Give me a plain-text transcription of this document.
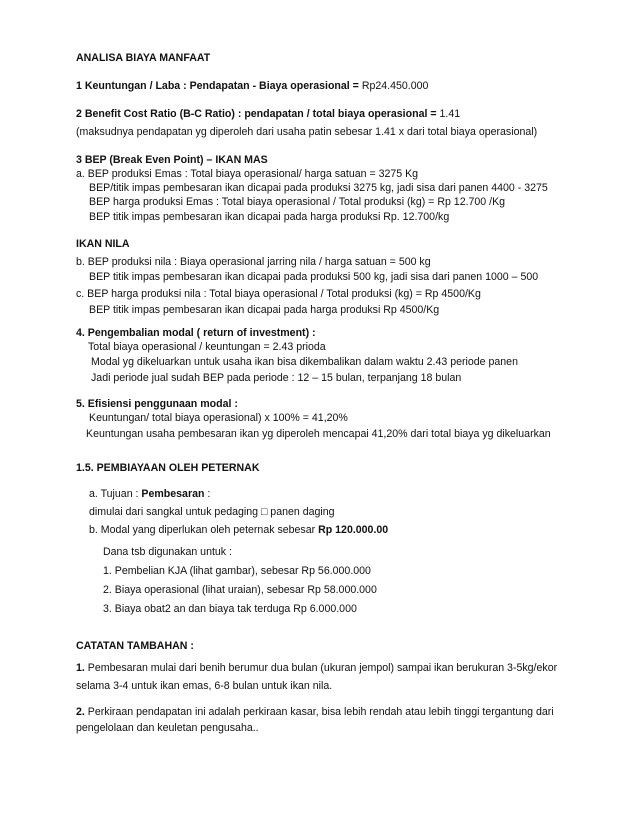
ANALISA BIAYA MANFAAT
1 Keuntungan / Laba : Pendapatan - Biaya operasional = Rp24.450.000
2 Benefit Cost Ratio (B-C Ratio) : pendapatan / total biaya operasional = 1.41
(maksudnya pendapatan yg diperoleh dari usaha patin sebesar 1.41 x dari total biaya operasional)
3 BEP (Break Even Point) – IKAN MAS
a. BEP produksi Emas : Total biaya operasional/ harga satuan = 3275 Kg
BEP/titik impas pembesaran ikan dicapai pada produksi 3275 kg, jadi sisa dari panen 4400 - 3275
BEP harga produksi Emas : Total biaya operasional / Total produksi (kg) = Rp 12.700 /Kg
BEP titik impas pembesaran ikan dicapai pada harga produksi Rp. 12.700/kg
IKAN NILA
b. BEP produksi nila : Biaya operasional jarring nila / harga satuan = 500 kg
BEP titik impas pembesaran ikan dicapai pada produksi 500 kg, jadi sisa dari panen 1000 – 500
c. BEP harga produksi nila : Total biaya operasional / Total produksi (kg) = Rp 4500/Kg
BEP titik impas pembesaran ikan dicapai pada harga produksi Rp 4500/Kg
4. Pengembalian modal ( return of investment) :
Total biaya operasional / keuntungan = 2.43 prioda
Modal yg dikeluarkan untuk usaha ikan bisa dikembalikan dalam waktu 2.43 periode panen
Jadi periode jual sudah BEP pada periode : 12 – 15 bulan, terpanjang 18 bulan
5. Efisiensi penggunaan modal :
Keuntungan/ total biaya operasional) x 100% = 41,20%
Keuntungan usaha pembesaran ikan yg diperoleh mencapai 41,20% dari total biaya yg dikeluarkan
1.5. PEMBIAYAAN OLEH PETERNAK
a. Tujuan : Pembesaran :
dimulai dari sangkal untuk pedaging □ panen daging
b. Modal yang diperlukan oleh peternak sebesar Rp 120.000.00
Dana tsb digunakan untuk :
1. Pembelian KJA (lihat gambar), sebesar Rp 56.000.000
2. Biaya operasional (lihat uraian), sebesar Rp 58.000.000
3. Biaya obat2 an dan biaya tak terduga Rp 6.000.000
CATATAN TAMBAHAN :
1. Pembesaran mulai dari benih berumur dua bulan (ukuran jempol) sampai ikan berukuran 3-5kg/ekor
selama 3-4 untuk ikan emas, 6-8 bulan untuk ikan nila.
2. Perkiraan pendapatan ini adalah perkiraan kasar, bisa lebih rendah atau lebih tinggi tergantung dari
pengelolaan dan keuletan pengusaha..
